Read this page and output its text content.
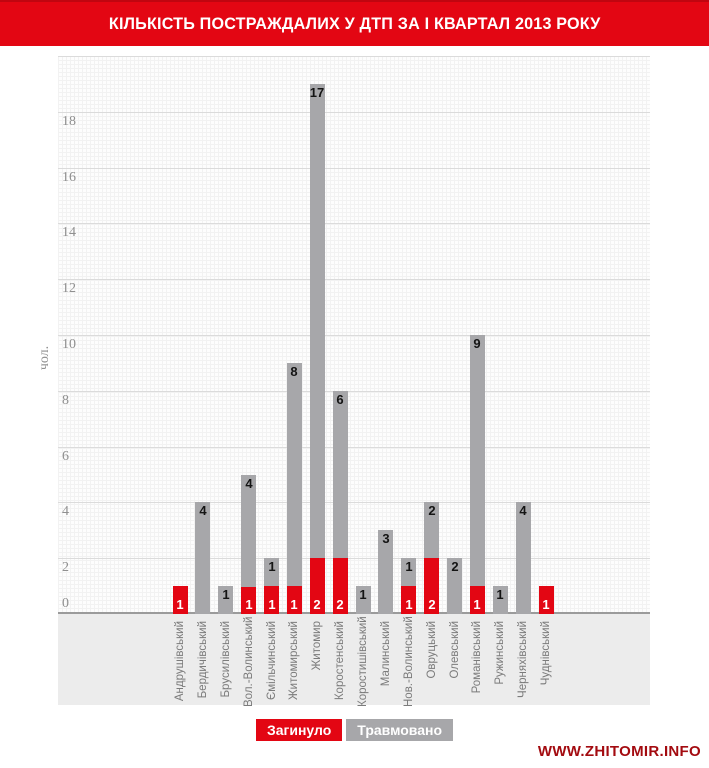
КІЛЬКІСТЬ ПОСТРАЖДАЛИХ У ДТП ЗА І КВАРТАЛ 2013 РОКУ
чол.
0
2
4
6
8
10
12
14
16
18
1
4
1
1
4
1
1
1
8
2
17
2
6
1
3
1
1
2
2
2
1
9
1
4
1
Загинуло	Травмовано
WWW.ZHITOMIR.INFO
Андрушівський Бердичівський Брусилівський Вол.-Волинський Ємільчинський Житомирський Житомир Коростенський Коростишівський Малинський Нов.-Волинський Овруцький Олевський Романівський Ружинський Черняхівський Чуднівський
